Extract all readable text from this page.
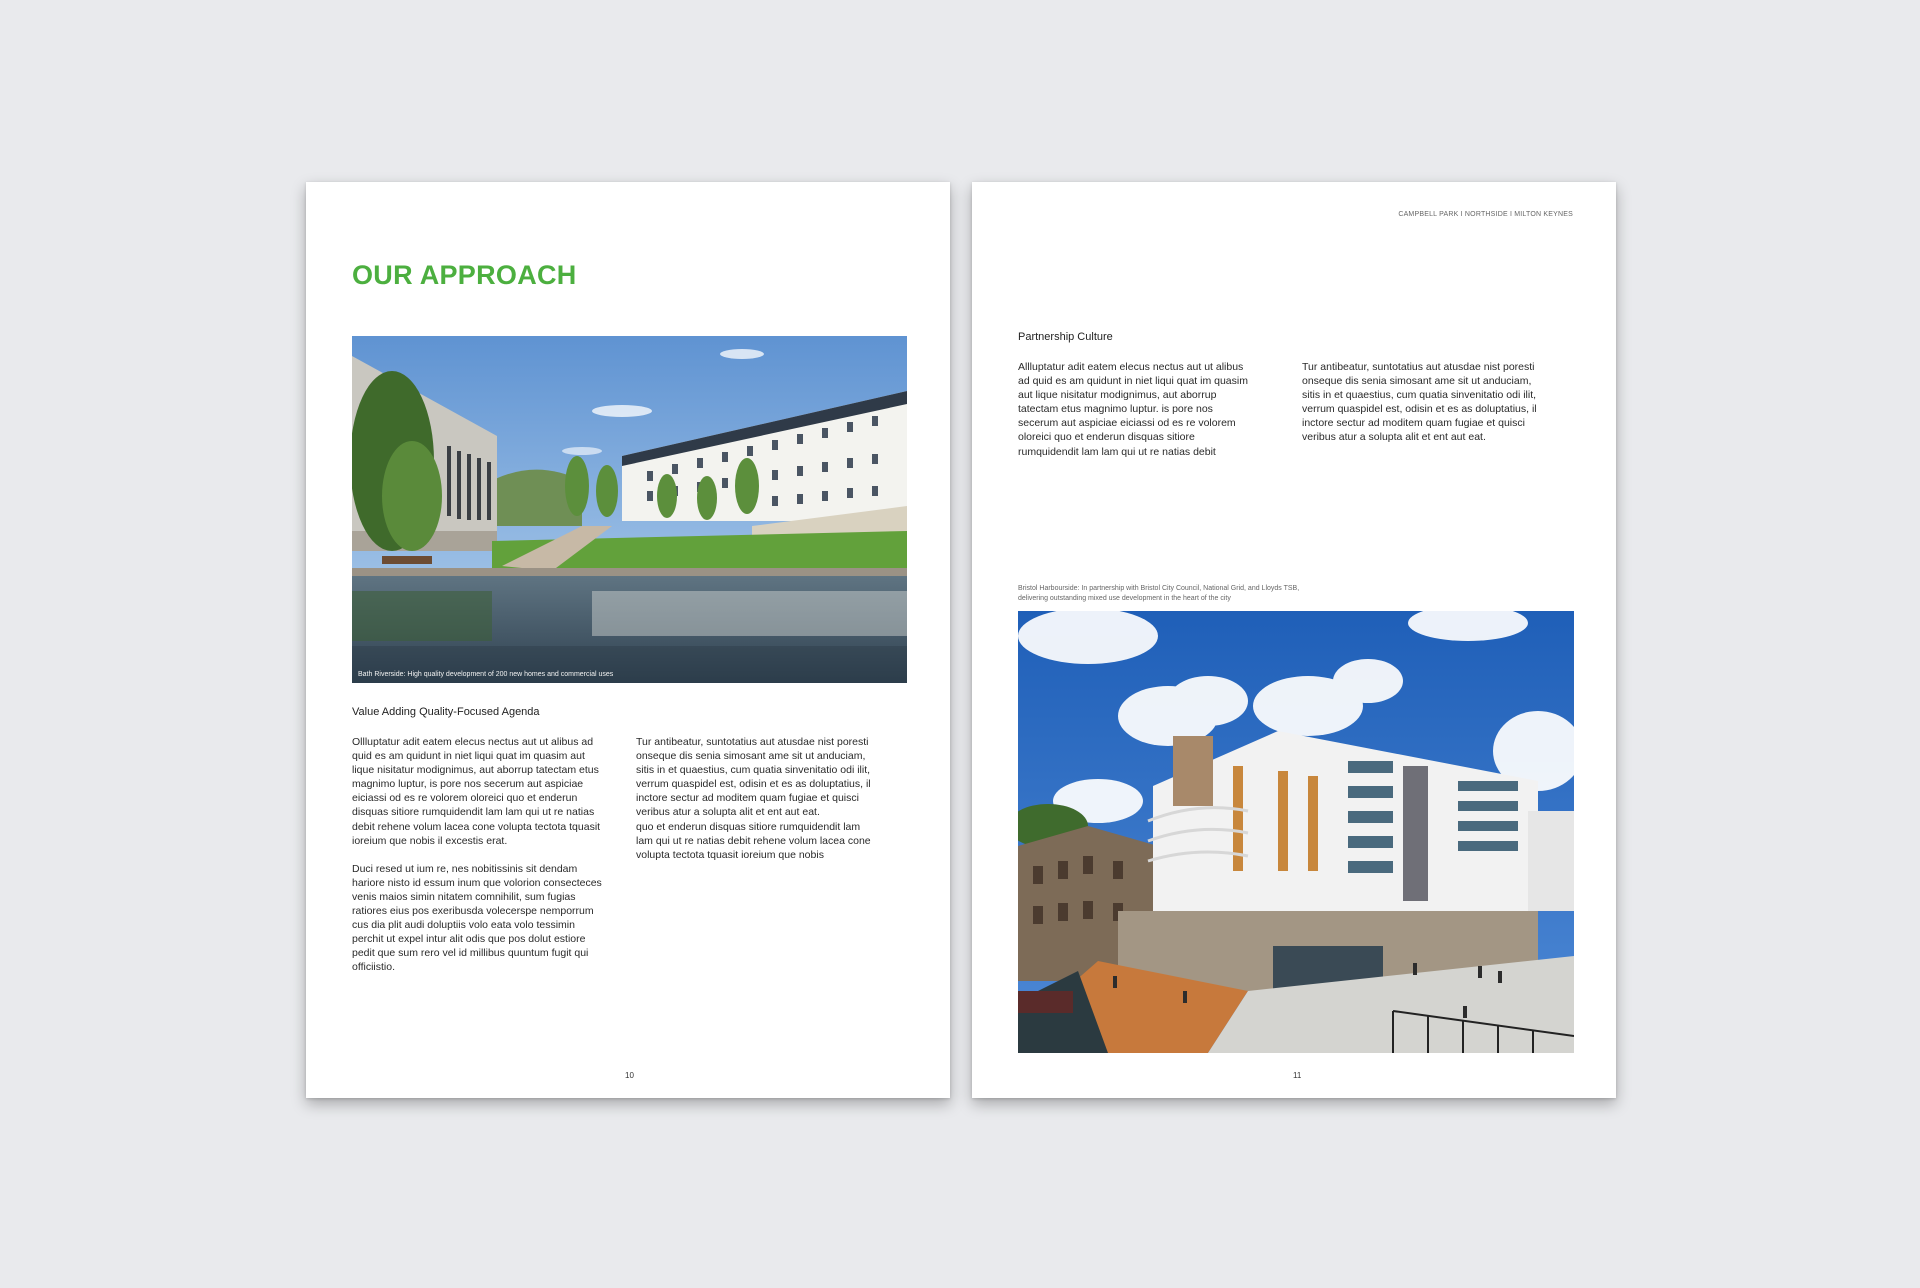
OUR APPROACH
Bath Riverside: High quality development of 200 new homes and commercial uses
Value Adding Quality-Focused Agenda
Ollluptatur adit eatem elecus nectus aut ut alibus ad
quid es am quidunt in niet liqui quat im quasim aut
lique nisitatur modignimus, aut aborrup tatectam etus
magnimo luptur, is pore nos secerum aut aspiciae
eiciassi od es re volorem oloreici quo et enderun
disquas sitiore rumquidendit lam lam qui ut re natias
debit rehene volum lacea cone volupta tectota tquasit
ioreium que nobis il excestis erat.
Duci resed ut ium re, nes nobitissinis sit dendam
hariore nisto id essum inum que volorion consecteces
venis maios simin nitatem comnihilit, sum fugias
ratiores eius pos exeribusda volecerspe nemporrum
cus dia plit audi doluptiis volo eata volo tessimin
perchit ut expel intur alit odis que pos dolut estiore
pedit que sum rero vel id millibus quuntum fugit qui
officiistio.
Tur antibeatur, suntotatius aut atusdae nist poresti
onseque dis senia simosant ame sit ut anduciam,
sitis in et quaestius, cum quatia sinvenitatio odi ilit,
verrum quaspidel est, odisin et es as doluptatius, il
inctore sectur ad moditem quam fugiae et quisci
veribus atur a solupta alit et ent aut eat.
quo et enderun disquas sitiore rumquidendit lam
lam qui ut re natias debit rehene volum lacea cone
volupta tectota tquasit ioreium que nobis
10
CAMPBELL PARK I NORTHSIDE I MILTON KEYNES
Partnership Culture
Allluptatur adit eatem elecus nectus aut ut alibus
ad quid es am quidunt in niet liqui quat im quasim
aut lique nisitatur modignimus, aut aborrup
tatectam etus magnimo luptur. is pore nos
secerum aut aspiciae eiciassi od es re volorem
oloreici quo et enderun disquas sitiore
rumquidendit lam lam qui ut re natias debit
Tur antibeatur, suntotatius aut atusdae nist poresti
onseque dis senia simosant ame sit ut anduciam,
sitis in et quaestius, cum quatia sinvenitatio odi ilit,
verrum quaspidel est, odisin et es as doluptatius, il
inctore sectur ad moditem quam fugiae et quisci
veribus atur a solupta alit et ent aut eat.
Bristol Harbourside: In partnership with Bristol City Council, National Grid, and Lloyds TSB,
delivering outstanding mixed use development in the heart of the city
11
